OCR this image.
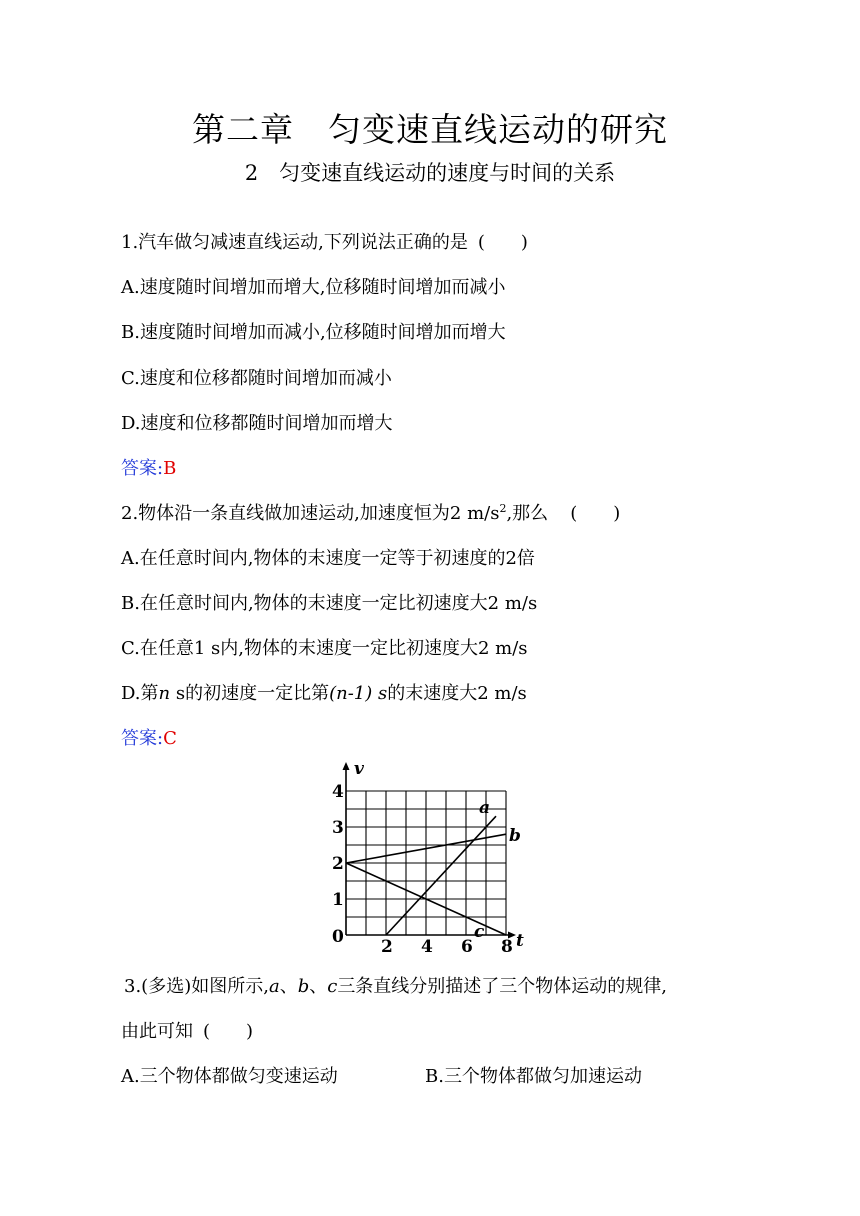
第二章　匀变速直线运动的研究
2　匀变速直线运动的速度与时间的关系
1.汽车做匀减速直线运动,下列说法正确的是 (　　)
A.速度随时间增加而增大,位移随时间增加而减小
B.速度随时间增加而减小,位移随时间增加而增大
C.速度和位移都随时间增加而减小
D.速度和位移都随时间增加而增大
答案:B
2.物体沿一条直线做加速运动,加速度恒为2 $m/s^2$,那么 (　　)
A.在任意时间内,物体的末速度一定等于初速度的2倍
B.在任意时间内,物体的末速度一定比初速度大2 m/s
C.在任意1 s内,物体的末速度一定比初速度大2 m/s
D.第n s的初速度一定比第(n-1) s的末速度大2 m/s
答案:C
v
t
0 2 4 6 8
1
2
3
4
a
b
c
3.(多选)如图所示,a、b、c三条直线分别描述了三个物体运动的规律,
由此可知 (　　)
A.三个物体都做匀变速运动	B.三个物体都做匀加速运动
